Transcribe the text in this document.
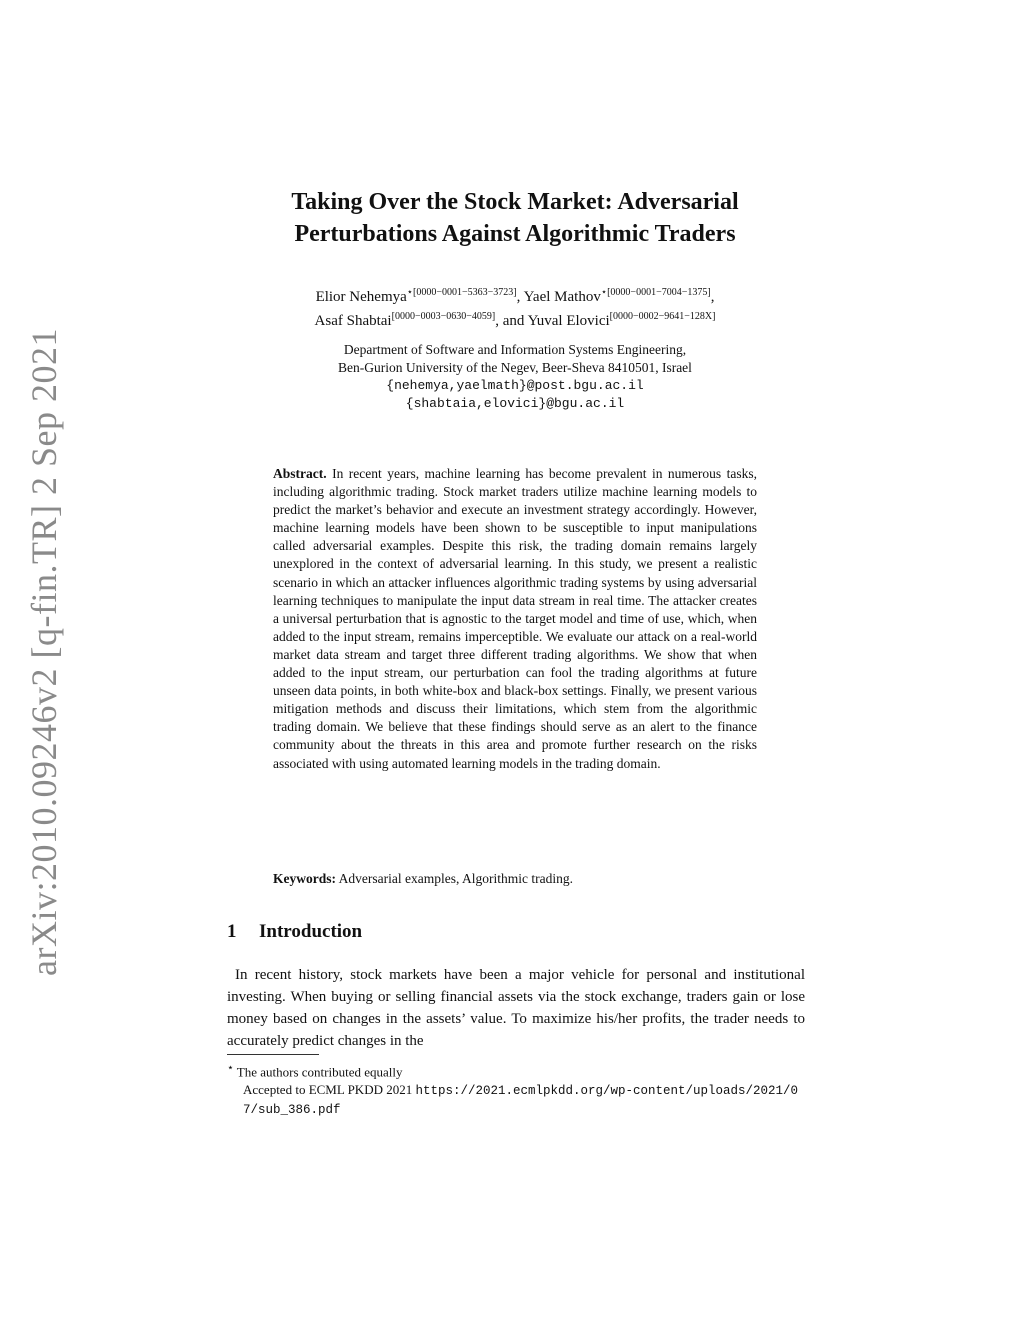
arXiv:2010.09246v2 [q-fin.TR] 2 Sep 2021
Taking Over the Stock Market: Adversarial
Perturbations Against Algorithmic Traders
Elior Nehemya$^{⋆[0000-0001-5363-3723]}$, Yael Mathov$^{⋆[0000-0001-7004-1375]}$,
Asaf Shabtai[0000−0003−0630−4059], and Yuval Elovici[0000−0002−9641−128X]
Department of Software and Information Systems Engineering,
Ben-Gurion University of the Negev, Beer-Sheva 8410501, Israel
{nehemya,yaelmath}@post.bgu.ac.il
{shabtaia,elovici}@bgu.ac.il
Abstract. In recent years, machine learning has become prevalent in numerous tasks, including algorithmic trading. Stock market traders utilize machine learning models to predict the market’s behavior and execute an investment strategy accordingly. However, machine learning models have been shown to be susceptible to input manipulations called adversarial examples. Despite this risk, the trading domain remains largely unexplored in the context of adversarial learning. In this study, we present a realistic scenario in which an attacker influences algorithmic trading systems by using adversarial learning techniques to manipulate the input data stream in real time. The attacker creates a universal perturbation that is agnostic to the target model and time of use, which, when added to the input stream, remains imperceptible. We evaluate our attack on a real-world market data stream and target three different trading algorithms. We show that when added to the input stream, our perturbation can fool the trading algorithms at future unseen data points, in both white-box and black-box settings. Finally, we present various mitigation methods and discuss their limitations, which stem from the algorithmic trading domain. We believe that these findings should serve as an alert to the finance community about the threats in this area and promote further research on the risks associated with using automated learning models in the trading domain.
Keywords: Adversarial examples, Algorithmic trading.
1 Introduction
In recent history, stock markets have been a major vehicle for personal and institutional investing. When buying or selling financial assets via the stock exchange, traders gain or lose money based on changes in the assets’ value. To maximize his/her profits, the trader needs to accurately predict changes in the
⋆ The authors contributed equally
Accepted to ECML PKDD 2021 https://2021.ecmlpkdd.org/wp-content/uploads/2021/07/sub_386.pdf
